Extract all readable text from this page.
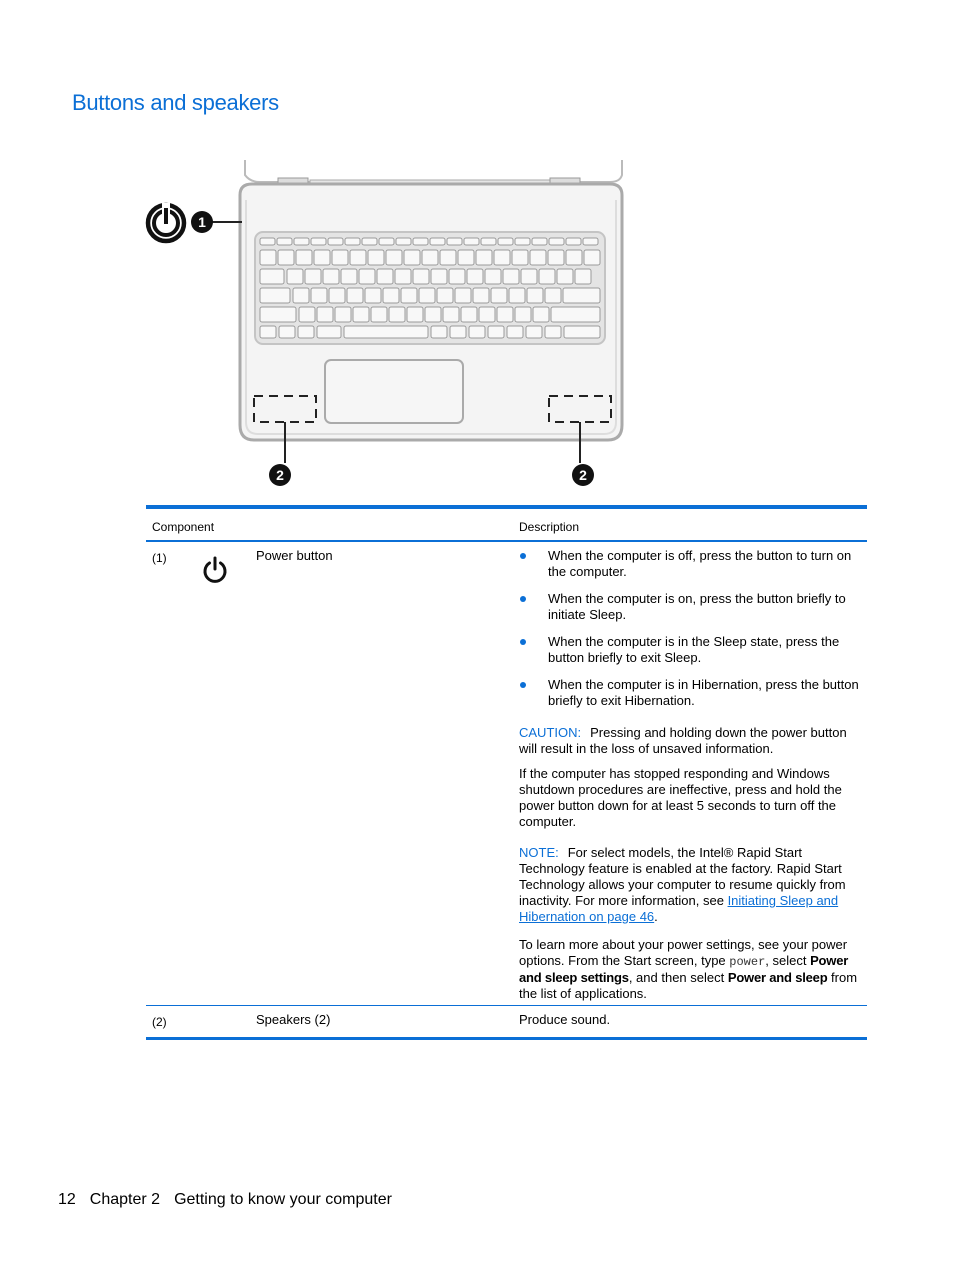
Buttons and speakers
1
2	2
Component	Description
(1)	Power button	When the computer is off, press the button to turn on the computer.
When the computer is on, press the button briefly to initiate Sleep.
When the computer is in the Sleep state, press the button briefly to exit Sleep.
When the computer is in Hibernation, press the button briefly to exit Hibernation.

CAUTION: Pressing and holding down the power button will result in the loss of unsaved information.

If the computer has stopped responding and Windows shutdown procedures are ineffective, press and hold the power button down for at least 5 seconds to turn off the computer.

NOTE: For select models, the Intel® Rapid Start Technology feature is enabled at the factory. Rapid Start Technology allows your computer to resume quickly from inactivity. For more information, see Initiating Sleep and Hibernation on page 46.

To learn more about your power settings, see your power options. From the Start screen, type power, select Power and sleep settings, and then select Power and sleep from the list of applications.

(2)	Speakers (2)	Produce sound.
12 Chapter 2 Getting to know your computer
